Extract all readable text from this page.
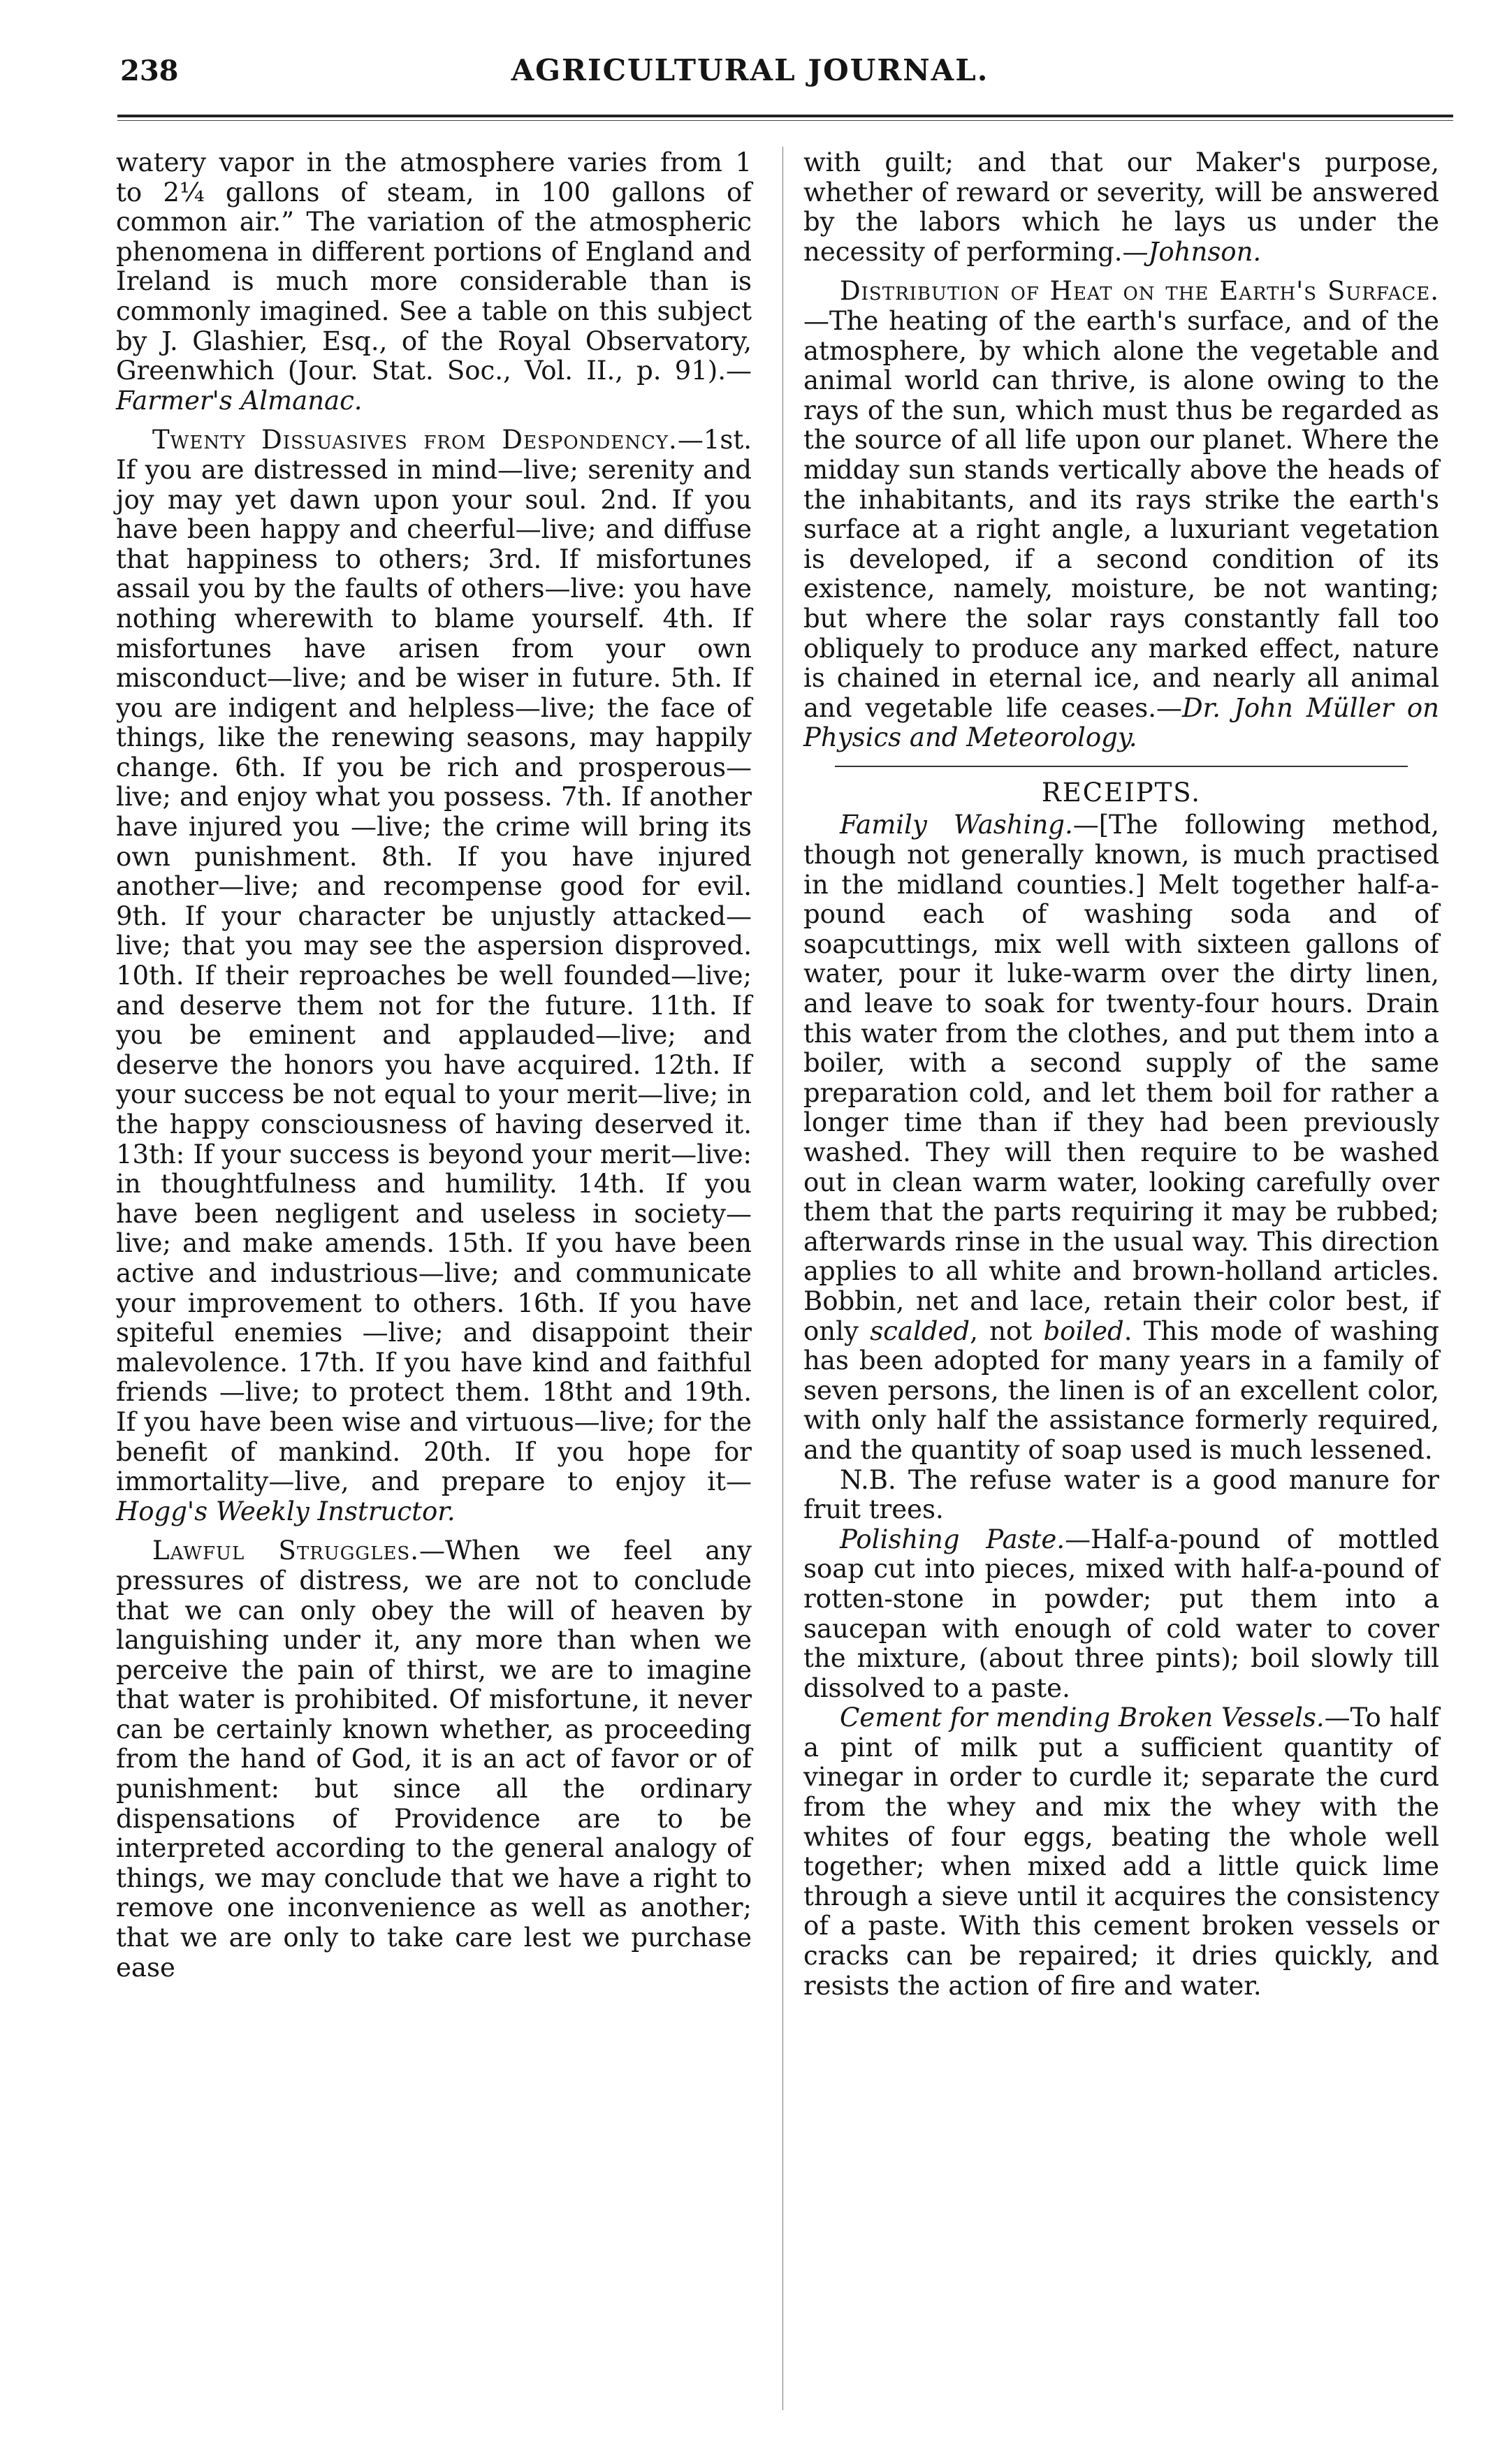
238	AGRICULTURAL JOURNAL.

watery vapor in the atmosphere varies from 1 to 2¼ gallons of steam, in 100 gallons of common air.” The variation of the atmospheric phenomena in different portions of England and Ireland is much more considerable than is commonly imagined. See a table on this subject by J. Glashier, Esq., of the Royal Observatory, Greenwhich (Jour. Stat. Soc., Vol. II., p. 91).—Farmer's Almanac.

Twenty Dissuasives from Despondency.—1st. If you are distressed in mind—live; serenity and joy may yet dawn upon your soul. 2nd. If you have been happy and cheerful—live; and diffuse that happiness to others; 3rd. If misfortunes assail you by the faults of others—live: you have nothing wherewith to blame yourself. 4th. If misfortunes have arisen from your own misconduct—live; and be wiser in future. 5th. If you are indigent and helpless—live; the face of things, like the renewing seasons, may happily change. 6th. If you be rich and prosperous—live; and enjoy what you possess. 7th. If another have injured you —live; the crime will bring its own punishment. 8th. If you have injured another—live; and recompense good for evil. 9th. If your character be unjustly attacked—live; that you may see the aspersion disproved. 10th. If their reproaches be well founded—live; and deserve them not for the future. 11th. If you be eminent and applauded—live; and deserve the honors you have acquired. 12th. If your success be not equal to your merit—live; in the happy consciousness of having deserved it. 13th: If your success is beyond your merit—live: in thoughtfulness and humility. 14th. If you have been negligent and useless in society—live; and make amends. 15th. If you have been active and industrious—live; and communicate your improvement to others. 16th. If you have spiteful enemies —live; and disappoint their malevolence. 17th. If you have kind and faithful friends —live; to protect them. 18tht and 19th. If you have been wise and virtuous—live; for the benefit of mankind. 20th. If you hope for immortality—live, and prepare to enjoy it—Hogg's Weekly Instructor.

Lawful Struggles.—When we feel any pressures of distress, we are not to conclude that we can only obey the will of heaven by languishing under it, any more than when we perceive the pain of thirst, we are to imagine that water is prohibited. Of misfortune, it never can be certainly known whether, as proceeding from the hand of God, it is an act of favor or of punishment: but since all the ordinary dispensations of Providence are to be interpreted according to the general analogy of things, we may conclude that we have a right to remove one inconvenience as well as another; that we are only to take care lest we purchase ease

with guilt; and that our Maker's purpose, whether of reward or severity, will be answered by the labors which he lays us under the necessity of performing.—Johnson.

Distribution of Heat on the Earth's Surface.—The heating of the earth's surface, and of the atmosphere, by which alone the vegetable and animal world can thrive, is alone owing to the rays of the sun, which must thus be regarded as the source of all life upon our planet. Where the midday sun stands vertically above the heads of the inhabitants, and its rays strike the earth's surface at a right angle, a luxuriant vegetation is developed, if a second condition of its existence, namely, moisture, be not wanting; but where the solar rays constantly fall too obliquely to produce any marked effect, nature is chained in eternal ice, and nearly all animal and vegetable life ceases.—Dr. John Müller on Physics and Meteorology.

RECEIPTS.

Family Washing.—[The following method, though not generally known, is much practised in the midland counties.] Melt together half-a-pound each of washing soda and of soapcuttings, mix well with sixteen gallons of water, pour it luke-warm over the dirty linen, and leave to soak for twenty-four hours. Drain this water from the clothes, and put them into a boiler, with a second supply of the same preparation cold, and let them boil for rather a longer time than if they had been previously washed. They will then require to be washed out in clean warm water, looking carefully over them that the parts requiring it may be rubbed; afterwards rinse in the usual way. This direction applies to all white and brown-holland articles. Bobbin, net and lace, retain their color best, if only scalded, not boiled. This mode of washing has been adopted for many years in a family of seven persons, the linen is of an excellent color, with only half the assistance formerly required, and the quantity of soap used is much lessened.

N.B. The refuse water is a good manure for fruit trees.

Polishing Paste.—Half-a-pound of mottled soap cut into pieces, mixed with half-a-pound of rotten-stone in powder; put them into a saucepan with enough of cold water to cover the mixture, (about three pints); boil slowly till dissolved to a paste.

Cement for mending Broken Vessels.—To half a pint of milk put a sufficient quantity of vinegar in order to curdle it; separate the curd from the whey and mix the whey with the whites of four eggs, beating the whole well together; when mixed add a little quick lime through a sieve until it acquires the consistency of a paste. With this cement broken vessels or cracks can be repaired; it dries quickly, and resists the action of fire and water.
